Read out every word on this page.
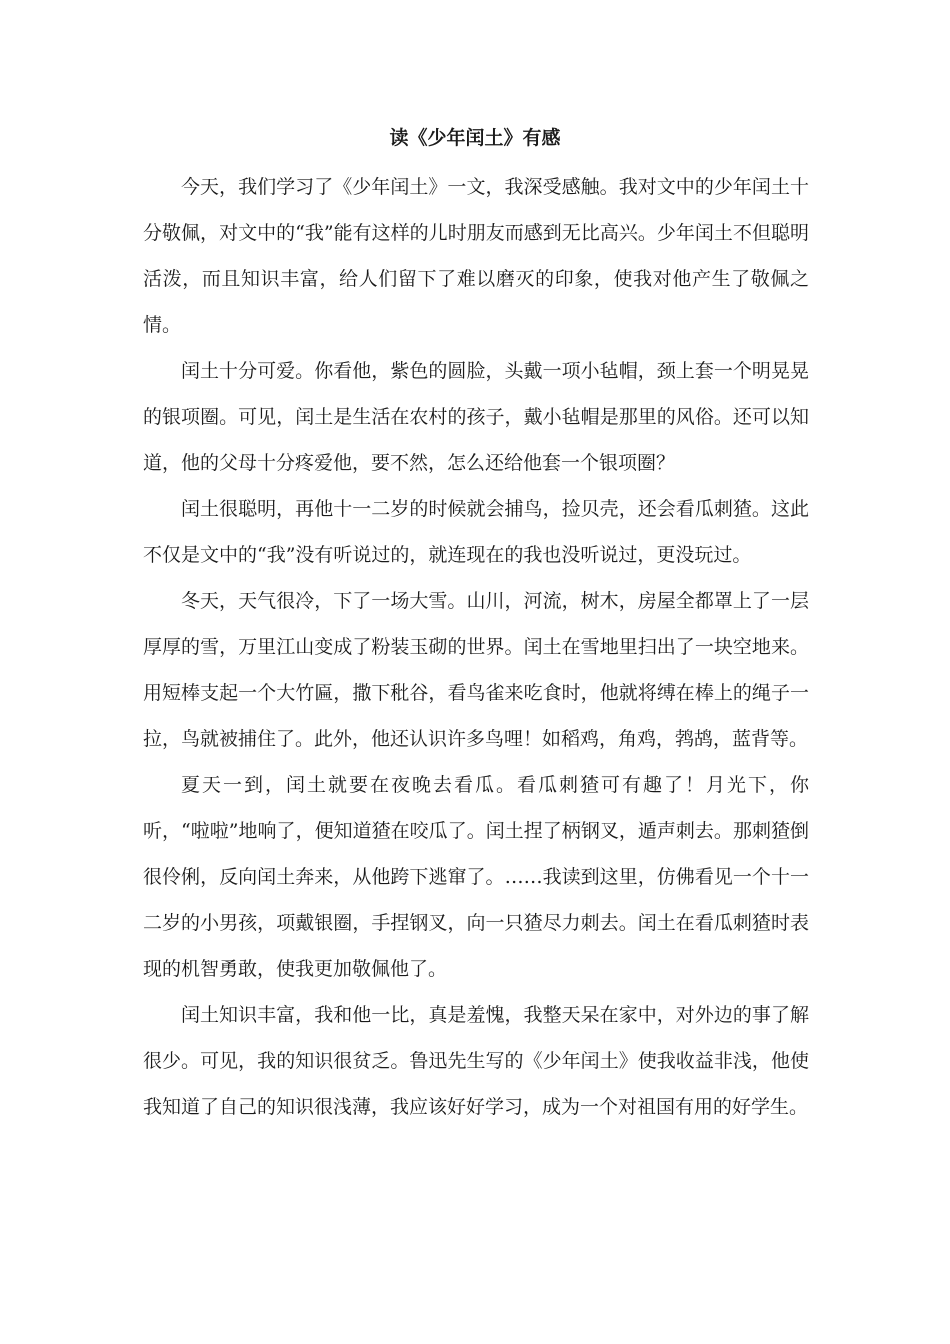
读《少年闰土》有感

今天，我们学习了《少年闰土》一文，我深受感触。我对文中的少年闰土十分敬佩，对文中的“我”能有这样的儿时朋友而感到无比高兴。少年闰土不但聪明活泼，而且知识丰富，给人们留下了难以磨灭的印象，使我对他产生了敬佩之情。

闰土十分可爱。你看他，紫色的圆脸，头戴一项小毡帽，颈上套一个明晃晃的银项圈。可见，闰土是生活在农村的孩子，戴小毡帽是那里的风俗。还可以知道，他的父母十分疼爱他，要不然，怎么还给他套一个银项圈？

闰土很聪明，再他十一二岁的时候就会捕鸟，捡贝壳，还会看瓜刺猹。这此不仅是文中的“我”没有听说过的，就连现在的我也没听说过，更没玩过。

冬天，天气很冷，下了一场大雪。山川，河流，树木，房屋全都罩上了一层厚厚的雪，万里江山变成了粉装玉砌的世界。闰土在雪地里扫出了一块空地来。用短棒支起一个大竹匾，撒下秕谷，看鸟雀来吃食时，他就将缚在棒上的绳子一拉，鸟就被捕住了。此外，他还认识许多鸟哩！如稻鸡，角鸡，鹁鸪，蓝背等。

夏天一到，闰土就要在夜晚去看瓜。看瓜刺猹可有趣了！月光下，你听，“啦啦”地响了，便知道猹在咬瓜了。闰土捏了柄钢叉，遁声刺去。那刺猹倒很伶俐，反向闰土奔来，从他跨下逃窜了。……我读到这里，仿佛看见一个十一二岁的小男孩，项戴银圈，手捏钢叉，向一只猹尽力刺去。闰土在看瓜刺猹时表现的机智勇敢，使我更加敬佩他了。

闰土知识丰富，我和他一比，真是羞愧，我整天呆在家中，对外边的事了解很少。可见，我的知识很贫乏。鲁迅先生写的《少年闰土》使我收益非浅，他使我知道了自己的知识很浅薄，我应该好好学习，成为一个对祖国有用的好学生。
